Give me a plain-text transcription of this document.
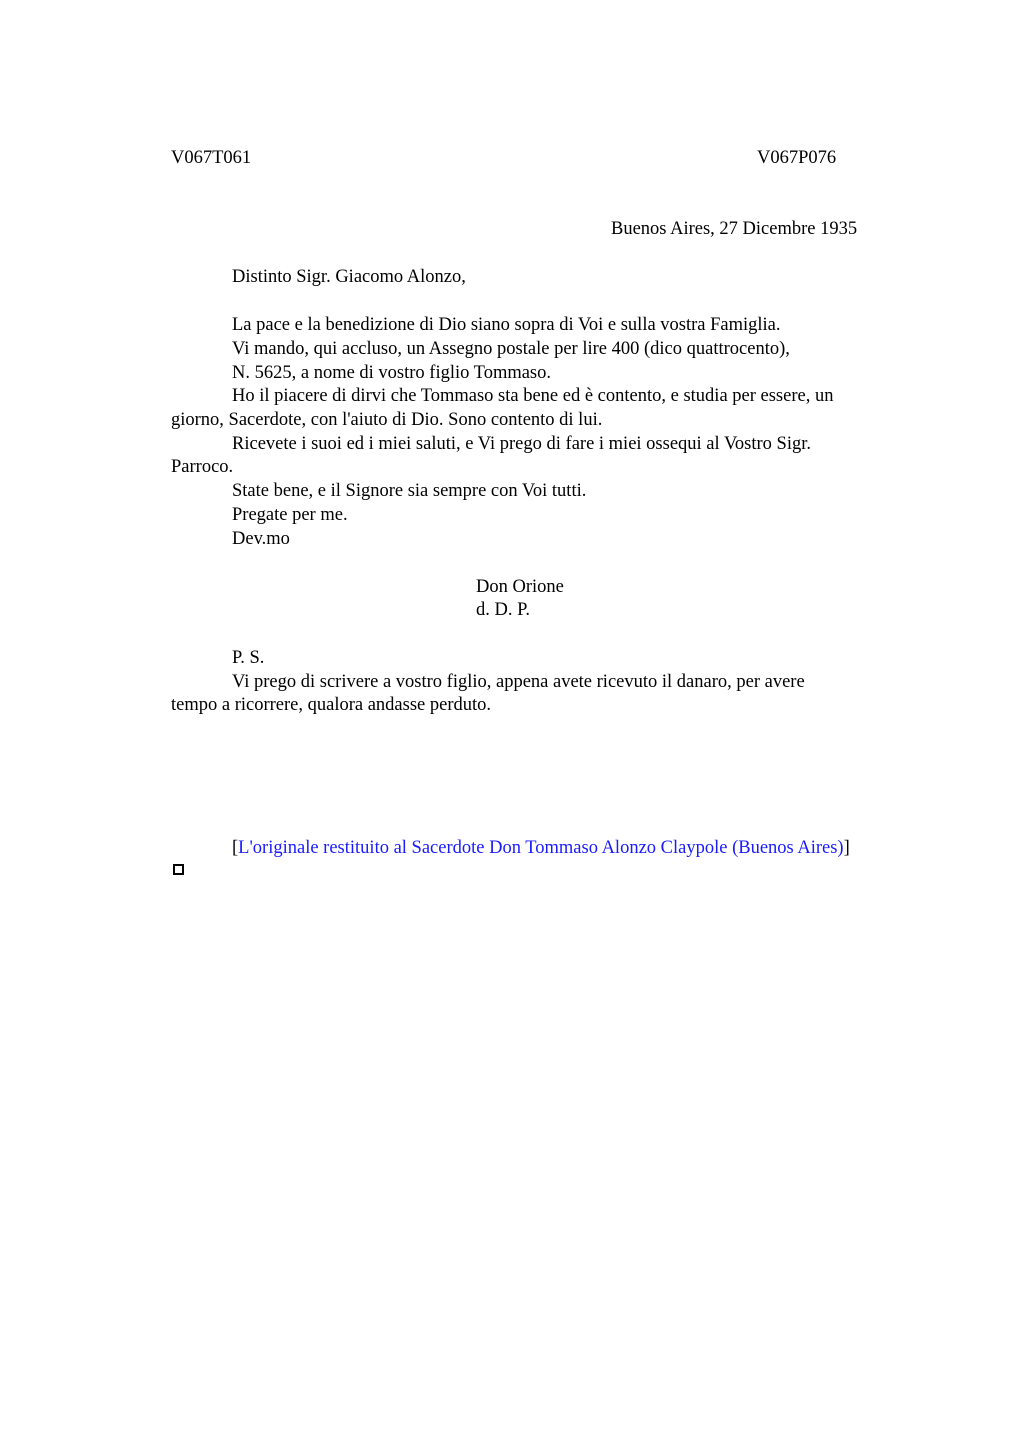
V067T061	V067P076
Buenos Aires, 27 Dicembre 1935
Distinto Sigr. Giacomo Alonzo,
La pace e la benedizione di Dio siano sopra di Voi e sulla vostra Famiglia.
Vi mando, qui accluso, un Assegno postale per lire 400 (dico quattrocento),
N. 5625, a nome di vostro figlio Tommaso.
Ho il piacere di dirvi che Tommaso sta bene ed è contento, e studia per essere, un
giorno, Sacerdote, con l'aiuto di Dio. Sono contento di lui.
Ricevete i suoi ed i miei saluti, e Vi prego di fare i miei ossequi al Vostro Sigr.
Parroco.
State bene, e il Signore sia sempre con Voi tutti.
Pregate per me.
Dev.mo
Don Orione
d. D. P.
P. S.
Vi prego di scrivere a vostro figlio, appena avete ricevuto il danaro, per avere
tempo a ricorrere, qualora andasse perduto.
[L'originale restituito al Sacerdote Don Tommaso Alonzo Claypole (Buenos Aires)]
